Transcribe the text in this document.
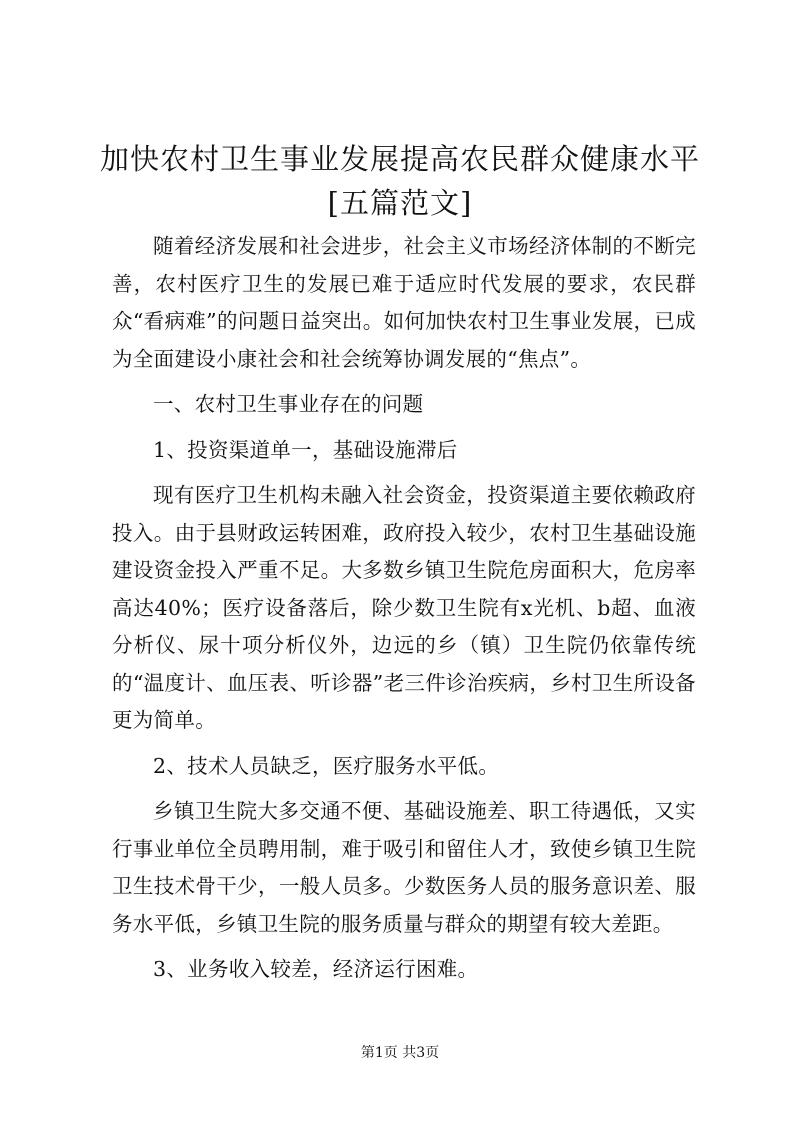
加快农村卫生事业发展提高农民群众健康水平
[五篇范文]

随着经济发展和社会进步，社会主义市场经济体制的不断完善，农村医疗卫生的发展已难于适应时代发展的要求，农民群众“看病难”的问题日益突出。如何加快农村卫生事业发展，已成为全面建设小康社会和社会统筹协调发展的“焦点”。

一、农村卫生事业存在的问题

1、投资渠道单一，基础设施滞后

现有医疗卫生机构未融入社会资金，投资渠道主要依赖政府投入。由于县财政运转困难，政府投入较少，农村卫生基础设施建设资金投入严重不足。大多数乡镇卫生院危房面积大，危房率高达40%；医疗设备落后，除少数卫生院有x光机、b超、血液分析仪、尿十项分析仪外，边远的乡（镇）卫生院仍依靠传统的“温度计、血压表、听诊器”老三件诊治疾病，乡村卫生所设备更为简单。

2、技术人员缺乏，医疗服务水平低。

乡镇卫生院大多交通不便、基础设施差、职工待遇低，又实行事业单位全员聘用制，难于吸引和留住人才，致使乡镇卫生院卫生技术骨干少，一般人员多。少数医务人员的服务意识差、服务水平低，乡镇卫生院的服务质量与群众的期望有较大差距。

3、业务收入较差，经济运行困难。

第1页 共3页
